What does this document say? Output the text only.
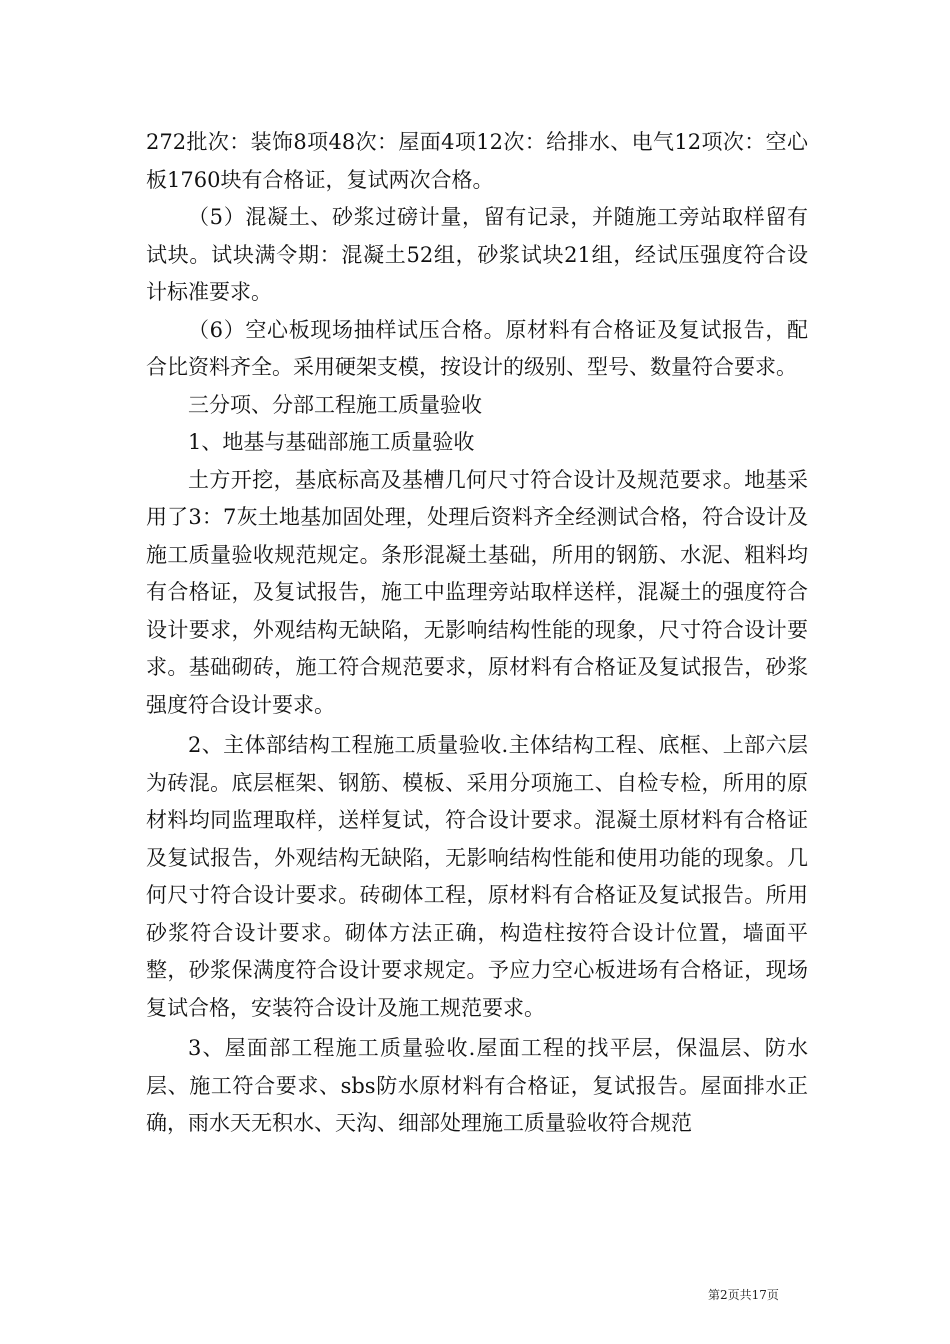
272批次：装饰8项48次：屋面4项12次：给排水、电气12项次：空心板1760块有合格证，复试两次合格。

（5）混凝土、砂浆过磅计量，留有记录，并随施工旁站取样留有试块。试块满令期：混凝土52组，砂浆试块21组，经试压强度符合设计标准要求。

（6）空心板现场抽样试压合格。原材料有合格证及复试报告，配合比资料齐全。采用硬架支模，按设计的级别、型号、数量符合要求。

三分项、分部工程施工质量验收

1、地基与基础部施工质量验收

土方开挖，基底标高及基槽几何尺寸符合设计及规范要求。地基采用了3：7灰土地基加固处理，处理后资料齐全经测试合格，符合设计及施工质量验收规范规定。条形混凝土基础，所用的钢筋、水泥、粗料均有合格证，及复试报告，施工中监理旁站取样送样，混凝土的强度符合设计要求，外观结构无缺陷，无影响结构性能的现象，尺寸符合设计要求。基础砌砖，施工符合规范要求，原材料有合格证及复试报告，砂浆强度符合设计要求。

2、主体部结构工程施工质量验收.主体结构工程、底框、上部六层为砖混。底层框架、钢筋、模板、采用分项施工、自检专检，所用的原材料均同监理取样，送样复试，符合设计要求。混凝土原材料有合格证及复试报告，外观结构无缺陷，无影响结构性能和使用功能的现象。几何尺寸符合设计要求。砖砌体工程，原材料有合格证及复试报告。所用砂浆符合设计要求。砌体方法正确，构造柱按符合设计位置，墙面平整，砂浆保满度符合设计要求规定。予应力空心板进场有合格证，现场复试合格，安装符合设计及施工规范要求。

3、屋面部工程施工质量验收.屋面工程的找平层，保温层、防水层、施工符合要求、sbs防水原材料有合格证，复试报告。屋面排水正确，雨水天无积水、天沟、细部处理施工质量验收符合规范

第2页共17页
